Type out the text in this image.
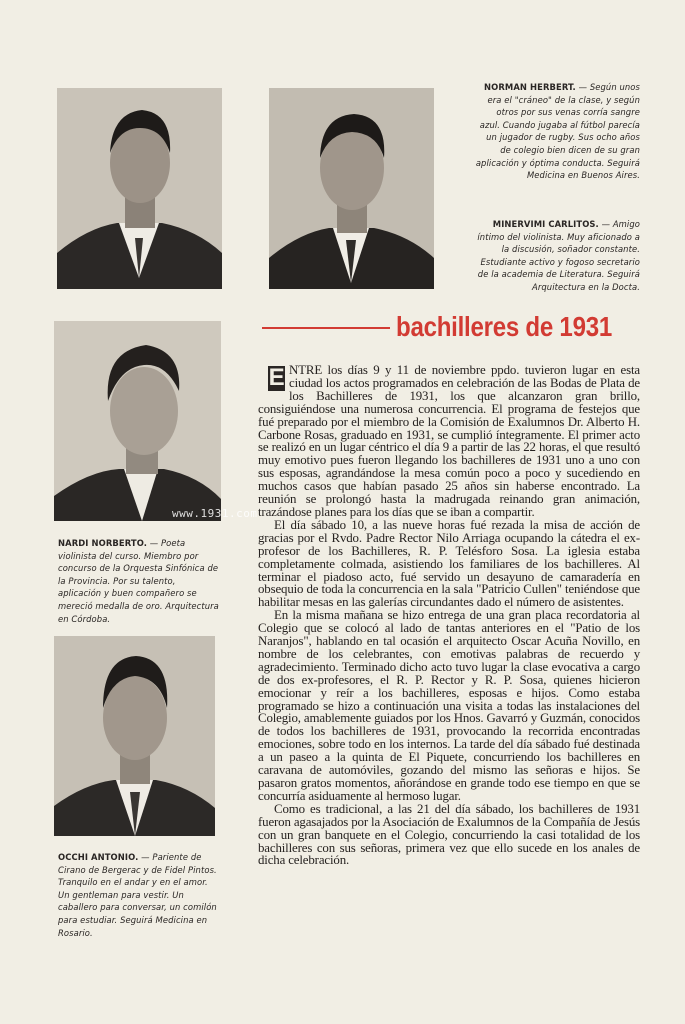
www.1931.com
NORMAN HERBERT. — Según unos era el "cráneo" de la clase, y según otros por sus venas corría sangre azul. Cuando jugaba al fútbol parecía un jugador de rugby. Sus ocho años de colegio bien dicen de su gran aplicación y óptima conducta. Seguirá Medicina en Buenos Aires.
MINERVIMI CARLITOS. — Amigo íntimo del violinista. Muy aficionado a la discusión, soñador constante. Estudiante activo y fogoso secretario de la academia de Literatura. Seguirá Arquitectura en la Docta.
NARDI NORBERTO. — Poeta violinista del curso. Miembro por concurso de la Orquesta Sinfónica de la Provincia. Por su talento, aplicación y buen compañero se mereció medalla de oro. Arquitectura en Córdoba.
OCCHI ANTONIO. — Pariente de Cirano de Bergerac y de Fidel Pintos. Tranquilo en el andar y en el amor. Un gentleman para vestir. Un caballero para conversar, un comilón para estudiar. Seguirá Medicina en Rosario.
bachilleres de 1931

E NTRE los días 9 y 11 de noviembre ppdo. tuvieron lugar en esta ciudad los actos programados en celebración de las Bodas de Plata de los Bachilleres de 1931, los que alcanzaron gran brillo, consiguiéndose una numerosa concurrencia. El programa de festejos que fué preparado por el miembro de la Comisión de Exalumnos Dr. Alberto H. Carbone Rosas, graduado en 1931, se cumplió íntegramente. El primer acto se realizó en un lugar céntrico el día 9 a partir de las 22 horas, el que resultó muy emotivo pues fueron llegando los bachilleres de 1931 uno a uno con sus esposas, agrandándose la mesa común poco a poco y sucediendo en muchos casos que habían pasado 25 años sin haberse encontrado. La reunión se prolongó hasta la madrugada reinando gran animación, trazándose planes para los días que se iban a compartir.

El día sábado 10, a las nueve horas fué rezada la misa de acción de gracias por el Rvdo. Padre Rector Nilo Arriaga ocupando la cátedra el ex-profesor de los Bachilleres, R. P. Telésforo Sosa. La iglesia estaba completamente colmada, asistiendo los familiares de los bachilleres. Al terminar el piadoso acto, fué servido un desayuno de camaradería en obsequio de toda la concurrencia en la sala "Patricio Cullen" teniéndose que habilitar mesas en las galerías circundantes dado el número de asistentes.

En la misma mañana se hizo entrega de una gran placa recordatoria al Colegio que se colocó al lado de tantas anteriores en el "Patio de los Naranjos", hablando en tal ocasión el arquitecto Oscar Acuña Novillo, en nombre de los celebrantes, con emotivas palabras de recuerdo y agradecimiento. Terminado dicho acto tuvo lugar la clase evocativa a cargo de dos ex-profesores, el R. P. Rector y R. P. Sosa, quienes hicieron emocionar y reír a los bachilleres, esposas e hijos. Como estaba programado se hizo a continuación una visita a todas las instalaciones del Colegio, amablemente guiados por los Hnos. Gavarró y Guzmán, conocidos de todos los bachilleres de 1931, provocando la recorrida encontradas emociones, sobre todo en los internos. La tarde del día sábado fué destinada a un paseo a la quinta de El Piquete, concurriendo los bachilleres en caravana de automóviles, gozando del mismo las señoras e hijos. Se pasaron gratos momentos, añorándose en grande todo ese tiempo en que se concurría asiduamente al hermoso lugar.

Como es tradicional, a las 21 del día sábado, los bachilleres de 1931 fueron agasajados por la Asociación de Exalumnos de la Compañía de Jesús con un gran banquete en el Colegio, concurriendo la casi totalidad de los bachilleres con sus señoras, primera vez que ello sucede en los anales de dicha celebración.
